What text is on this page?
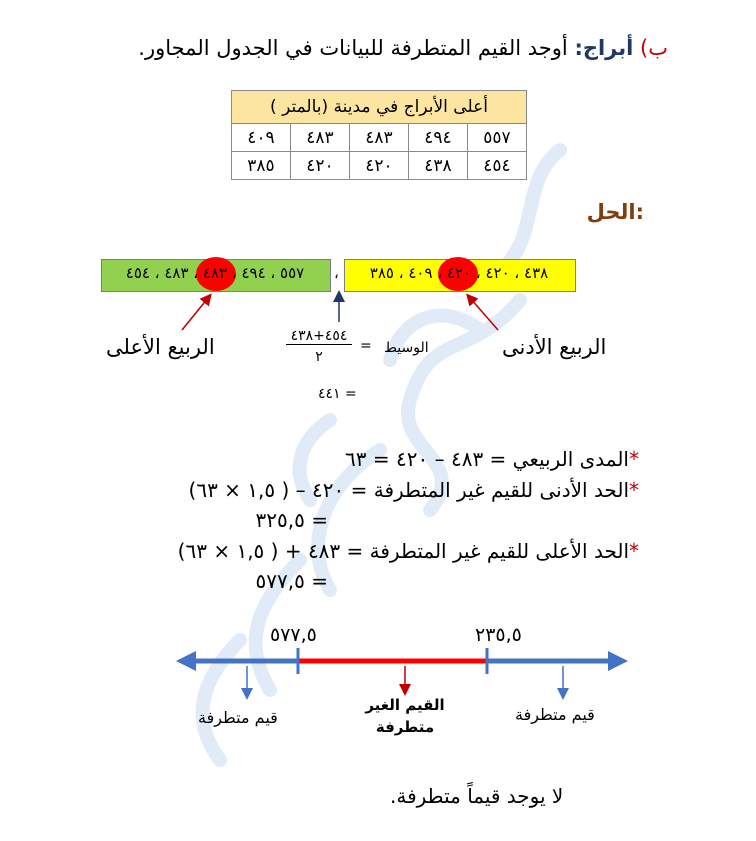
ب) أبراج: أوجد القيم المتطرفة للبيانات في الجدول المجاور.
أعلى الأبراج في مدينة (بالمتر )				
٥٥٧	٤٩٤	٤٨٣	٤٨٣	٤٠٩
٤٥٤	٤٣٨	٤٢٠	٤٢٠	٣٨٥
الحل:
٥٥٧ ، ٤٩٤ ، ٤٨٣ ، ٤٨٣ ، ٤٥٤	٤٣٨ ، ٤٢٠ ، ٤٢٠ ، ٤٠٩ ، ٣٨٥
،
الربيع الأعلى	الربيع الأدنى
الوسيط
=
٤٥٤+٤٣٨
٢
= ٤٤١
*المدى الربيعي = ٤٨٣ – ٤٢٠ = ٦٣
*الحد الأدنى للقيم غير المتطرفة = ٤٢٠ – ( ١,٥ × ٦٣)
= ٣٢٥,٥
*الحد الأعلى للقيم غير المتطرفة = ٤٨٣ + ( ١,٥ × ٦٣)
= ٥٧٧,٥
٥٧٧,٥	٢٣٥,٥
قيم متطرفة	قيم متطرفة
القيم الغير
متطرفة
لا يوجد قيماً متطرفة.
